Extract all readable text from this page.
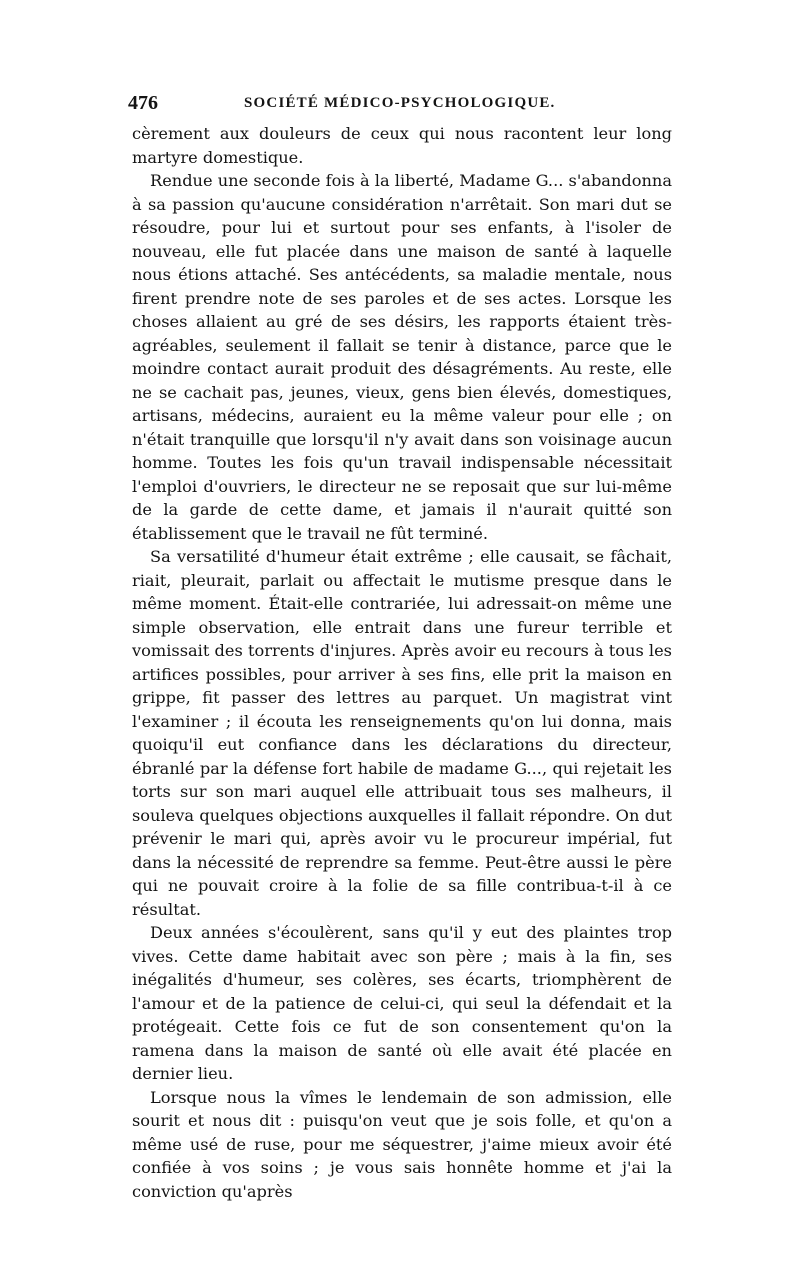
476	SOCIÉTÉ MÉDICO-PSYCHOLOGIQUE.

cèrement aux douleurs de ceux qui nous racontent leur long martyre domestique.

Rendue une seconde fois à la liberté, Madame G... s'abandonna à sa passion qu'aucune considération n'arrêtait. Son mari dut se résoudre, pour lui et surtout pour ses enfants, à l'isoler de nouveau, elle fut placée dans une maison de santé à laquelle nous étions attaché. Ses antécédents, sa maladie mentale, nous firent prendre note de ses paroles et de ses actes. Lorsque les choses allaient au gré de ses désirs, les rapports étaient très-agréables, seulement il fallait se tenir à distance, parce que le moindre contact aurait produit des désagréments. Au reste, elle ne se cachait pas, jeunes, vieux, gens bien élevés, domestiques, artisans, médecins, auraient eu la même valeur pour elle ; on n'était tranquille que lorsqu'il n'y avait dans son voisinage aucun homme. Toutes les fois qu'un travail indispensable nécessitait l'emploi d'ouvriers, le directeur ne se reposait que sur lui-même de la garde de cette dame, et jamais il n'aurait quitté son établissement que le travail ne fût terminé.

Sa versatilité d'humeur était extrême ; elle causait, se fâchait, riait, pleurait, parlait ou affectait le mutisme presque dans le même moment. Était-elle contrariée, lui adressait-on même une simple observation, elle entrait dans une fureur terrible et vomissait des torrents d'injures. Après avoir eu recours à tous les artifices possibles, pour arriver à ses fins, elle prit la maison en grippe, fit passer des lettres au parquet. Un magistrat vint l'examiner ; il écouta les renseignements qu'on lui donna, mais quoiqu'il eut confiance dans les déclarations du directeur, ébranlé par la défense fort habile de madame G..., qui rejetait les torts sur son mari auquel elle attribuait tous ses malheurs, il souleva quelques objections auxquelles il fallait répondre. On dut prévenir le mari qui, après avoir vu le procureur impérial, fut dans la nécessité de reprendre sa femme. Peut-être aussi le père qui ne pouvait croire à la folie de sa fille contribua-t-il à ce résultat.

Deux années s'écoulèrent, sans qu'il y eut des plaintes trop vives. Cette dame habitait avec son père ; mais à la fin, ses inégalités d'humeur, ses colères, ses écarts, triomphèrent de l'amour et de la patience de celui-ci, qui seul la défendait et la protégeait. Cette fois ce fut de son consentement qu'on la ramena dans la maison de santé où elle avait été placée en dernier lieu.

Lorsque nous la vîmes le lendemain de son admission, elle sourit et nous dit : puisqu'on veut que je sois folle, et qu'on a même usé de ruse, pour me séquestrer, j'aime mieux avoir été confiée à vos soins ; je vous sais honnête homme et j'ai la conviction qu'après
